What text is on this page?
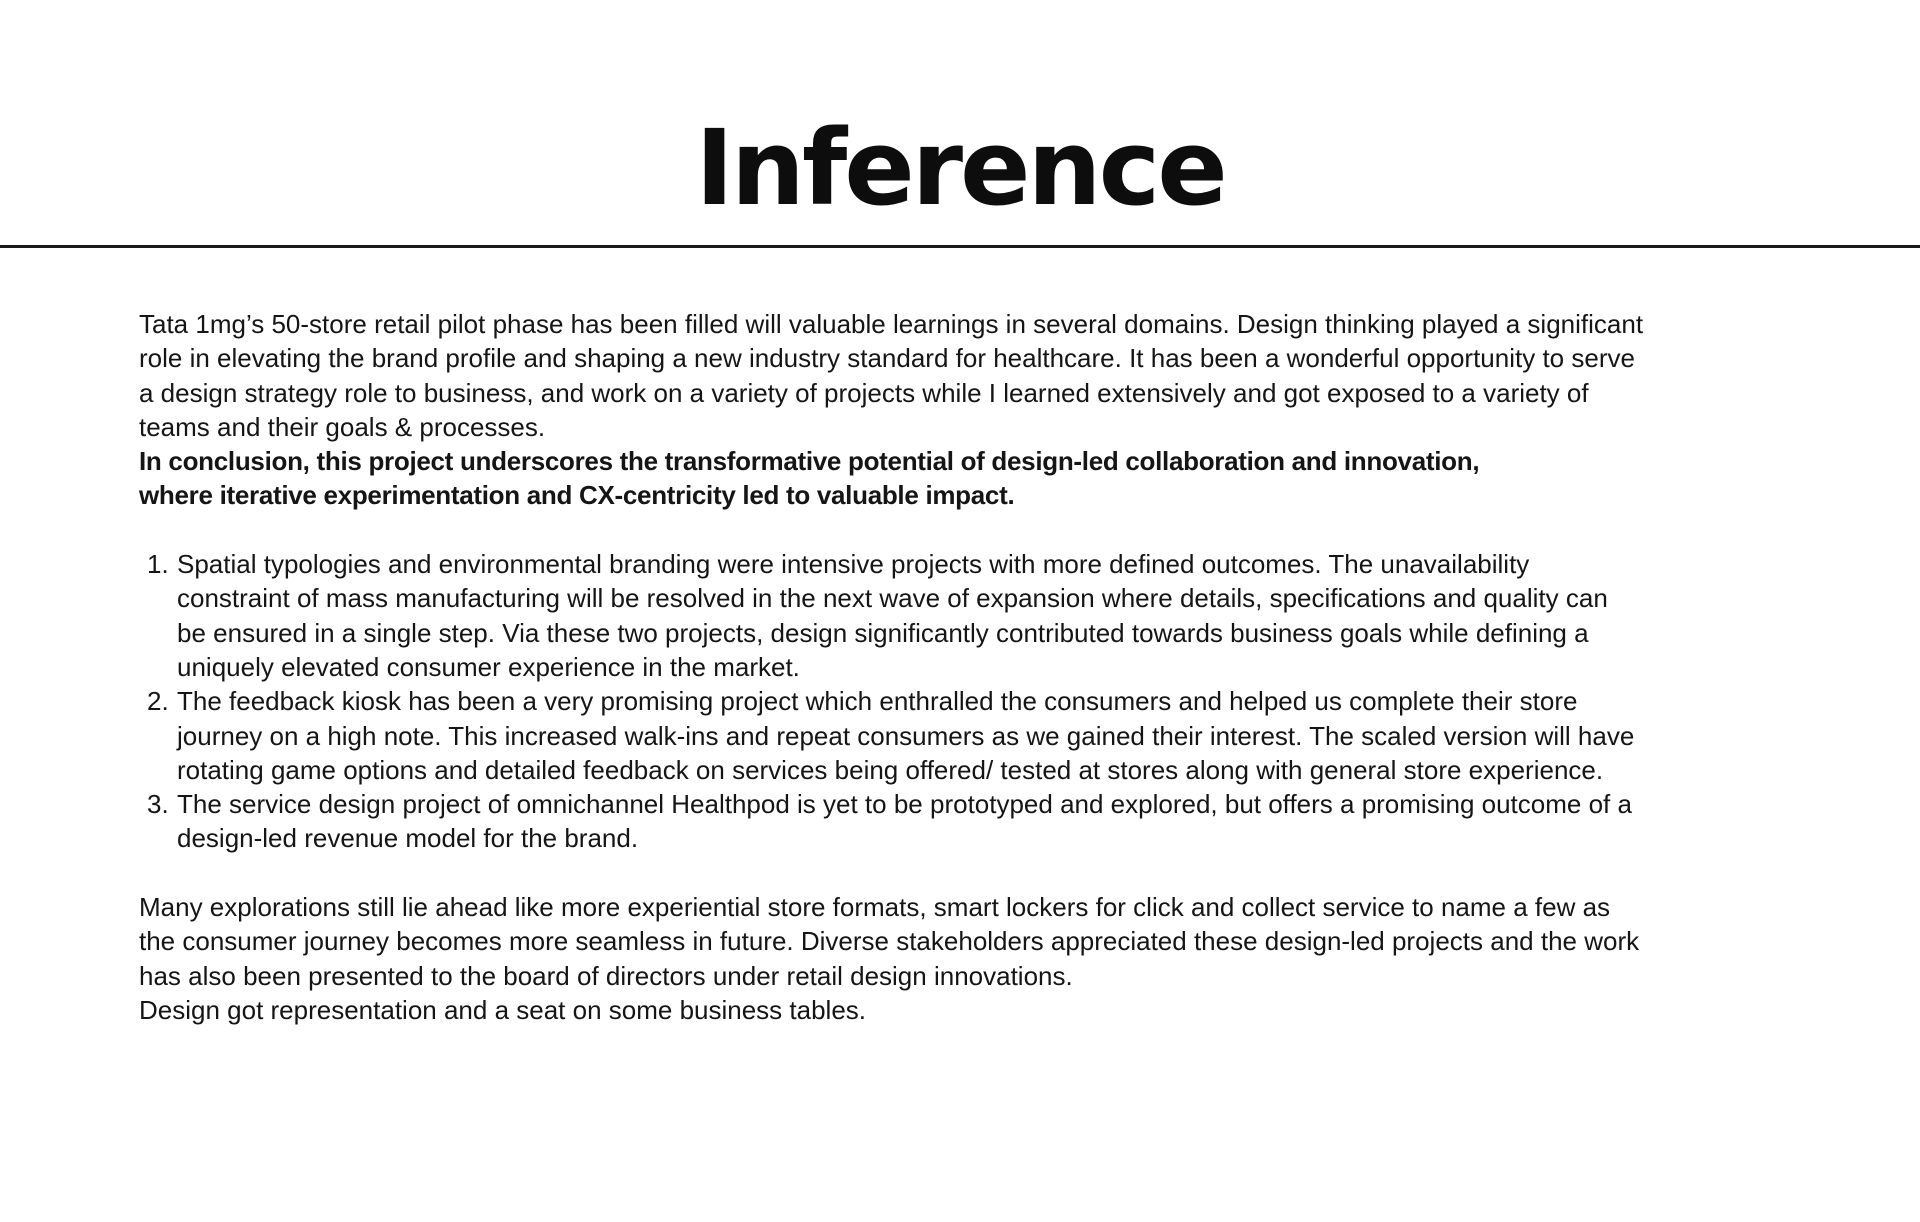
Inference

Tata 1mg’s 50-store retail pilot phase has been filled will valuable learnings in several domains. Design thinking played a significant
role in elevating the brand profile and shaping a new industry standard for healthcare. It has been a wonderful opportunity to serve
a design strategy role to business, and work on a variety of projects while I learned extensively and got exposed to a variety of
teams and their goals & processes.

In conclusion, this project underscores the transformative potential of design-led collaboration and innovation,
where iterative experimentation and CX-centricity led to valuable impact.

Spatial typologies and environmental branding were intensive projects with more defined outcomes. The unavailability
constraint of mass manufacturing will be resolved in the next wave of expansion where details, specifications and quality can
be ensured in a single step. Via these two projects, design significantly contributed towards business goals while defining a
uniquely elevated consumer experience in the market.
The feedback kiosk has been a very promising project which enthralled the consumers and helped us complete their store
journey on a high note. This increased walk-ins and repeat consumers as we gained their interest. The scaled version will have
rotating game options and detailed feedback on services being offered/ tested at stores along with general store experience.
The service design project of omnichannel Healthpod is yet to be prototyped and explored, but offers a promising outcome of a
design-led revenue model for the brand.

Many explorations still lie ahead like more experiential store formats, smart lockers for click and collect service to name a few as
the consumer journey becomes more seamless in future. Diverse stakeholders appreciated these design-led projects and the work
has also been presented to the board of directors under retail design innovations.
Design got representation and a seat on some business tables.
